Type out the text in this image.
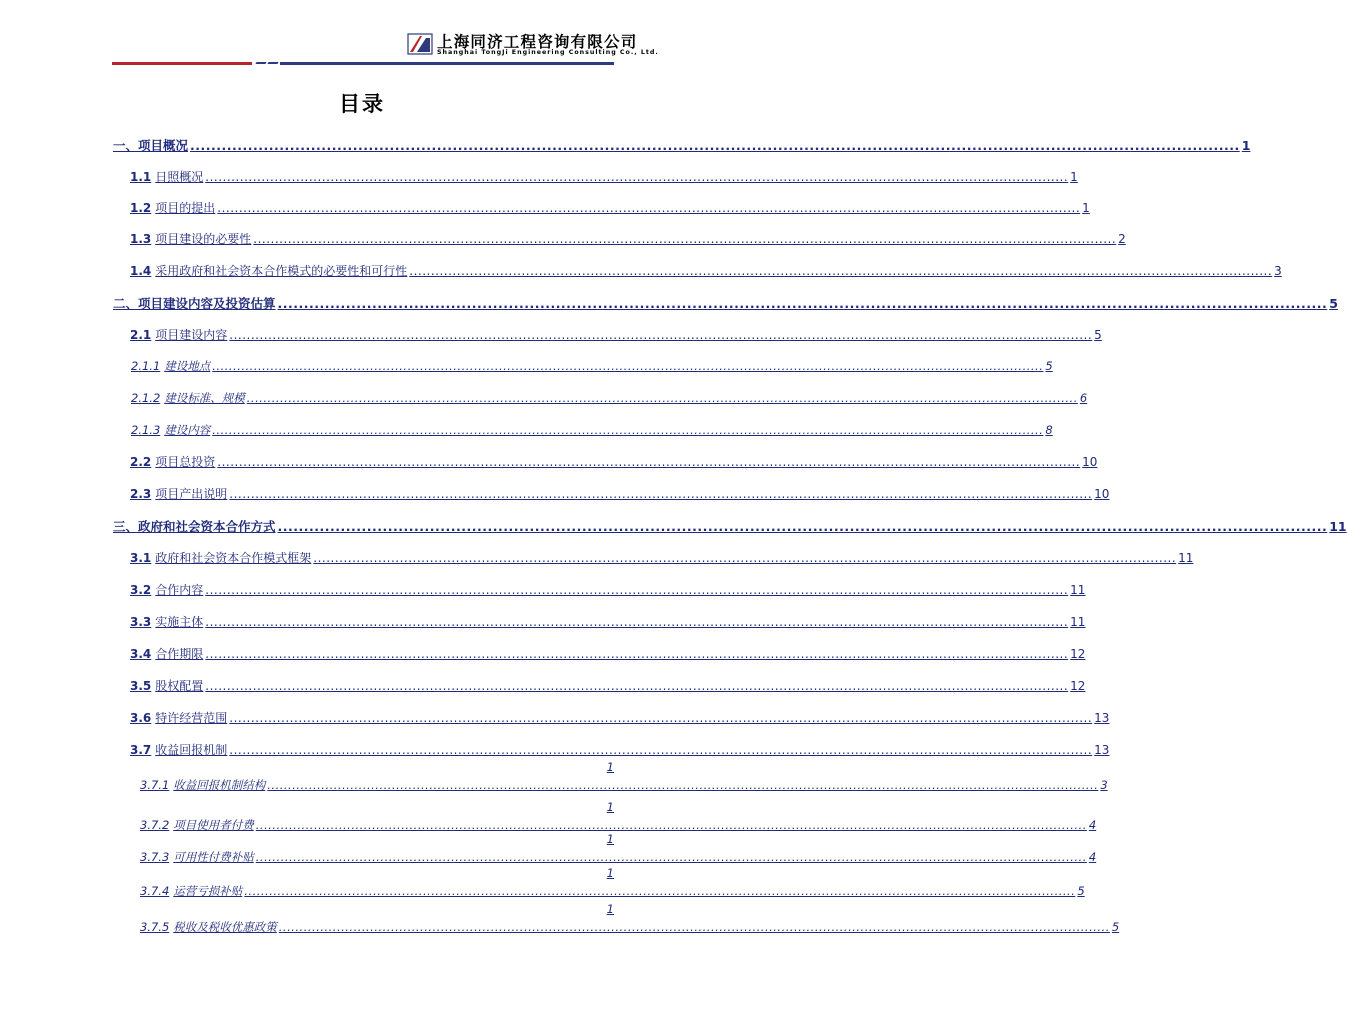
上海同济工程咨询有限公司
Shanghai TongJi Engineering Consulting Co., Ltd.
目录
一、项目概况 ........................................................................................................................................................................................................ 1
1.1 日照概况 ........................................................................................................................................................................................................ 1
1.2 项目的提出 ........................................................................................................................................................................................................ 1
1.3 项目建设的必要性 ........................................................................................................................................................................................................ 2
1.4 采用政府和社会资本合作模式的必要性和可行性 ........................................................................................................................................................................................................ 3
二、项目建设内容及投资估算 ........................................................................................................................................................................................................ 5
2.1 项目建设内容 ........................................................................................................................................................................................................ 5
2.1.1 建设地点 ........................................................................................................................................................................................................ 5
2.1.2 建设标准、规模 ........................................................................................................................................................................................................ 6
2.1.3 建设内容 ........................................................................................................................................................................................................ 8
2.2 项目总投资 ........................................................................................................................................................................................................ 10
2.3 项目产出说明 ........................................................................................................................................................................................................ 10
三、政府和社会资本合作方式 ........................................................................................................................................................................................................ 11
3.1 政府和社会资本合作模式框架 ........................................................................................................................................................................................................ 11
3.2 合作内容 ........................................................................................................................................................................................................ 11
3.3 实施主体 ........................................................................................................................................................................................................ 11
3.4 合作期限 ........................................................................................................................................................................................................ 12
3.5 股权配置 ........................................................................................................................................................................................................ 12
3.6 特许经营范围 ........................................................................................................................................................................................................ 13
3.7 收益回报机制 ........................................................................................................................................................................................................ 13
1
3.7.1 收益回报机制结构 ........................................................................................................................................................................................................ 3
1
3.7.2 项目使用者付费 ........................................................................................................................................................................................................ 4
1
3.7.3 可用性付费补贴 ........................................................................................................................................................................................................ 4
1
3.7.4 运营亏损补贴 ........................................................................................................................................................................................................ 5
1
3.7.5 税收及税收优惠政策 ........................................................................................................................................................................................................ 5
